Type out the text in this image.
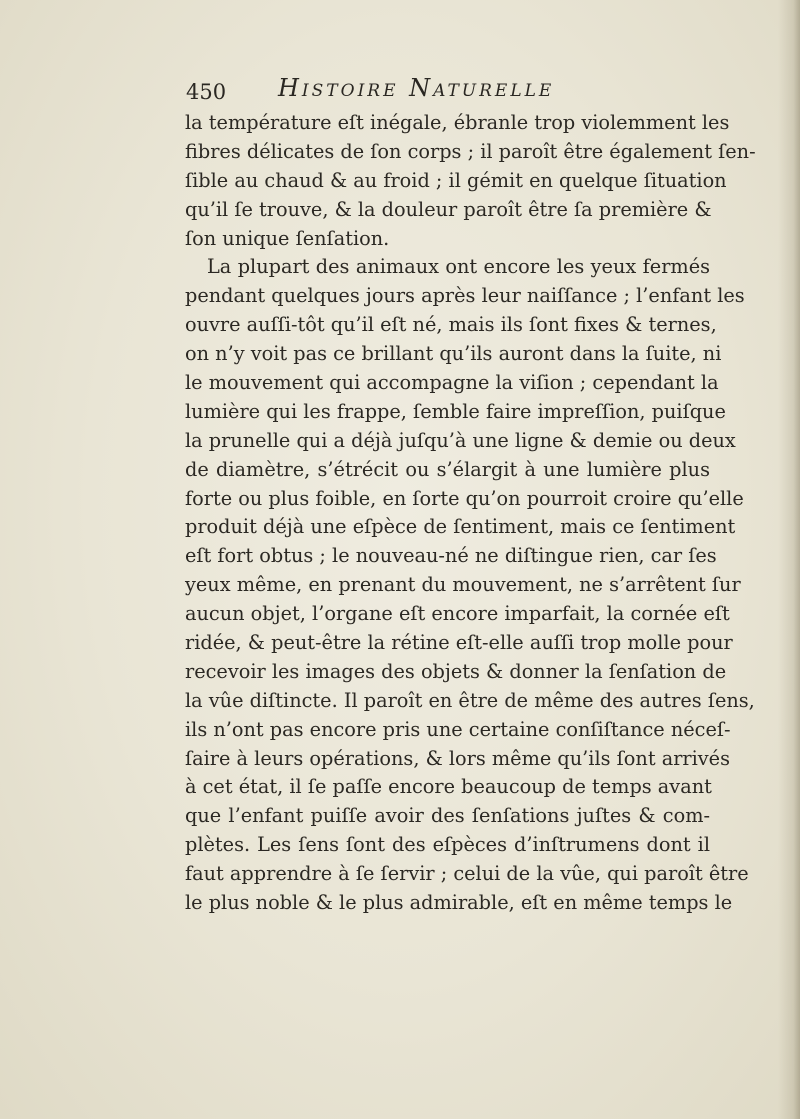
450 Histoire Naturelle
la température eſt inégale, ébranle trop violemment les
fibres délicates de ſon corps ; il paroît être également ſen-
ſible au chaud & au froid ; il gémit en quelque ſituation
qu’il ſe trouve, & la douleur paroît être ſa première &
ſon unique ſenſation.
La plupart des animaux ont encore les yeux fermés
pendant quelques jours après leur naiſſance ; l’enfant les
ouvre auſſi-tôt qu’il eſt né, mais ils ſont fixes & ternes,
on n’y voit pas ce brillant qu’ils auront dans la ſuite, ni
le mouvement qui accompagne la viſion ; cependant la
lumière qui les frappe, ſemble faire impreſſion, puiſque
la prunelle qui a déjà juſqu’à une ligne & demie ou deux
de diamètre, s’étrécit ou s’élargit à une lumière plus
forte ou plus foible, en ſorte qu’on pourroit croire qu’elle
produit déjà une eſpèce de ſentiment, mais ce ſentiment
eſt fort obtus ; le nouveau-né ne diſtingue rien, car ſes
yeux même, en prenant du mouvement, ne s’arrêtent ſur
aucun objet, l’organe eſt encore imparfait, la cornée eſt
ridée, & peut-être la rétine eſt-elle auſſi trop molle pour
recevoir les images des objets & donner la ſenſation de
la vûe diſtincte. Il paroît en être de même des autres ſens,
ils n’ont pas encore pris une certaine conſiſtance néceſ-
ſaire à leurs opérations, & lors même qu’ils ſont arrivés
à cet état, il ſe paſſe encore beaucoup de temps avant
que l’enfant puiſſe avoir des ſenſations juſtes & com-
plètes. Les ſens ſont des eſpèces d’inſtrumens dont il
faut apprendre à ſe ſervir ; celui de la vûe, qui paroît être
le plus noble & le plus admirable, eſt en même temps le
